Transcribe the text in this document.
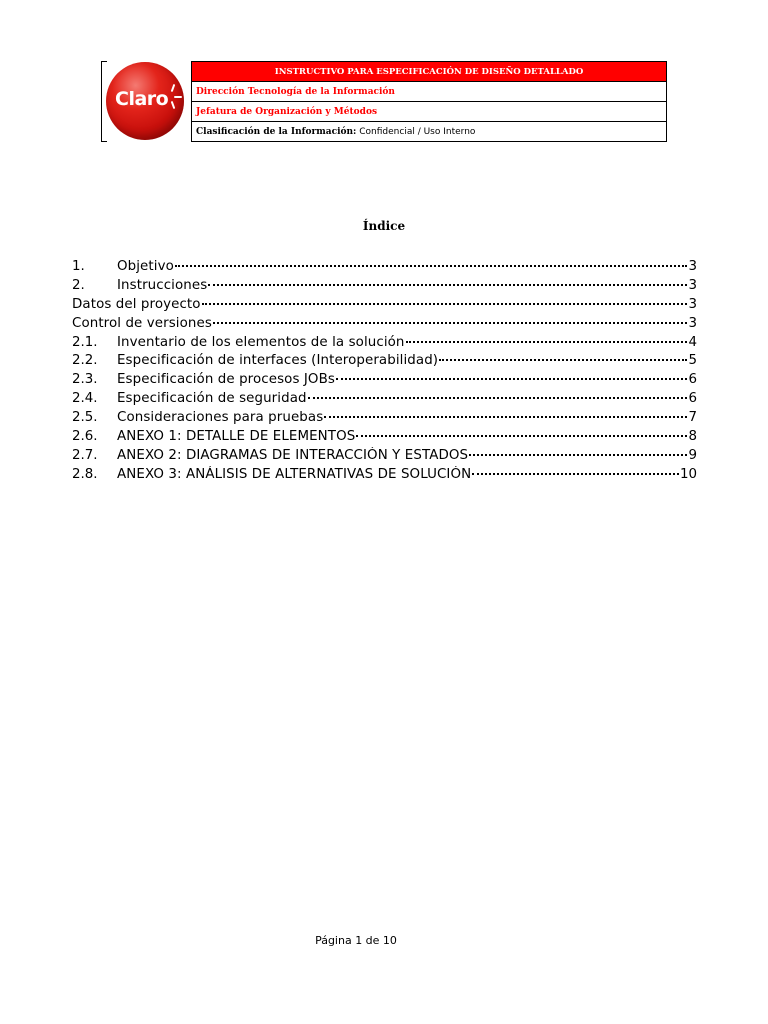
Claro
INSTRUCTIVO PARA ESPECIFICACIÓN DE DISEÑO DETALLADO
Dirección Tecnología de la Información
Jefatura de Organización y Métodos
Clasificación de la Información: Confidencial / Uso Interno
Índice
1.	Objetivo	3
2.	Instrucciones	3
Datos del proyecto	3
Control de versiones	3
2.1.	Inventario de los elementos de la solución	4
2.2.	Especificación de interfaces (Interoperabilidad)	5
2.3.	Especificación de procesos JOBs	6
2.4.	Especificación de seguridad	6
2.5.	Consideraciones para pruebas	7
2.6.	ANEXO 1: DETALLE DE ELEMENTOS	8
2.7.	ANEXO 2: DIAGRAMAS DE INTERACCIÓN Y ESTADOS	9
2.8.	ANEXO 3: ANÁLISIS DE ALTERNATIVAS DE SOLUCIÓN	10
Página 1 de 10
